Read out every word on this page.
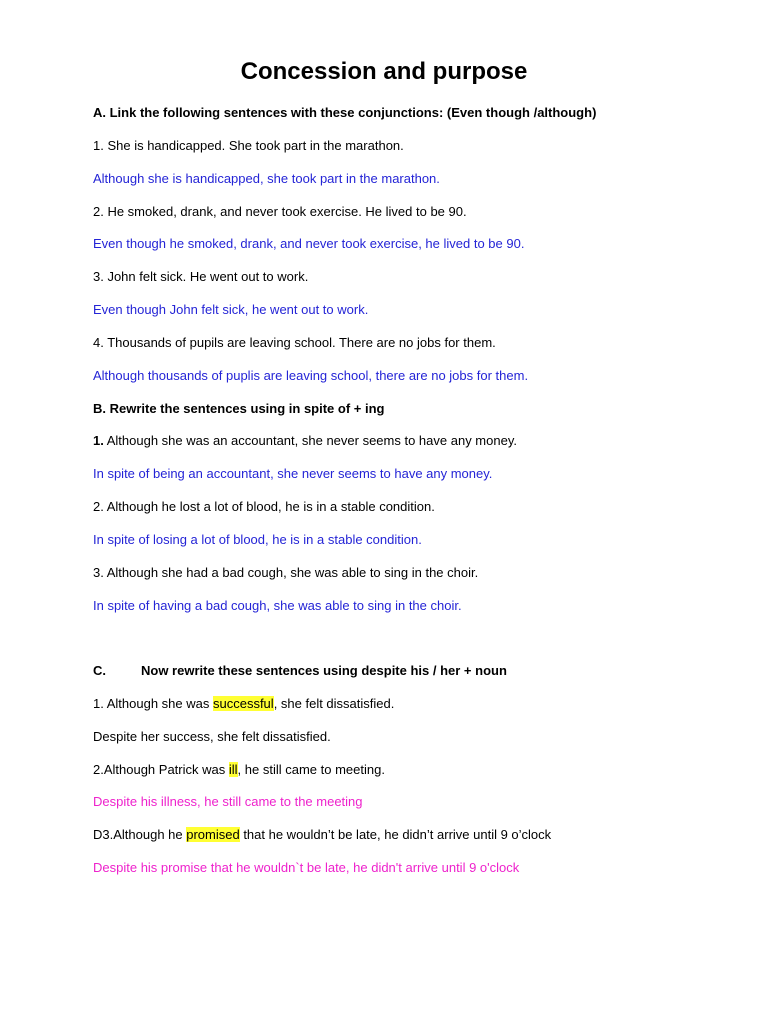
Concession and purpose

A. Link the following sentences with these conjunctions: (Even though /although)

1. She is handicapped. She took part in the marathon.

Although she is handicapped, she took part in the marathon.

2. He smoked, drank, and never took exercise. He lived to be 90.

Even though he smoked, drank, and never took exercise, he lived to be 90.

3. John felt sick. He went out to work.

Even though John felt sick, he went out to work.

4. Thousands of pupils are leaving school. There are no jobs for them.

Although thousands of puplis are leaving school, there are no jobs for them.

B. Rewrite the sentences using in spite of + ing

1. Although she was an accountant, she never seems to have any money.

In spite of being an accountant, she never seems to have any money.

2. Although he lost a lot of blood, he is in a stable condition.

In spite of losing a lot of blood, he is in a stable condition.

3. Although she had a bad cough, she was able to sing in the choir.

In spite of having a bad cough, she was able to sing in the choir.

C.	Now rewrite these sentences using despite his / her + noun

1. Although she was successful, she felt dissatisfied.

Despite her success, she felt dissatisfied.

2.Although Patrick was ill, he still came to meeting.

Despite his illness, he still came to the meeting

D3.Although he promised that he wouldn’t be late, he didn’t arrive until 9 o’clock

Despite his promise that he wouldn`t be late, he didn't arrive until 9 o'clock
